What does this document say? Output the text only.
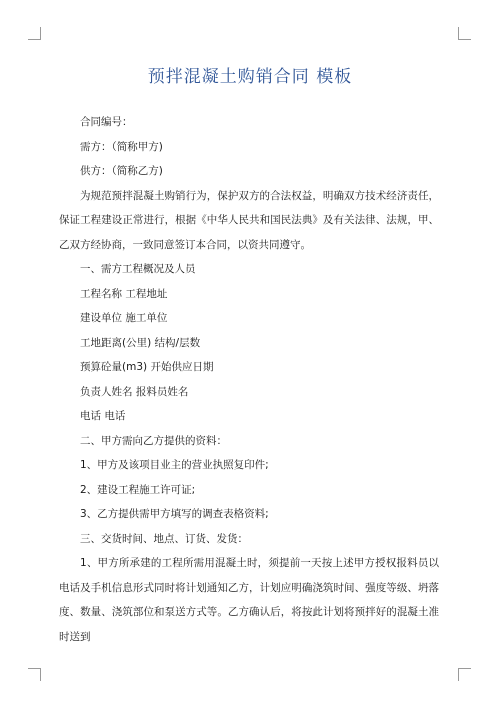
预拌混凝土购销合同 模板
合同编号：
需方：（简称甲方)
供方：（简称乙方)
为规范预拌混凝土购销行为，保护双方的合法权益，明确双方技术经济责任，保证工程建设正常进行，根据《中华人民共和国民法典》及有关法律、法规，甲、乙双方经协商，一致同意签订本合同，以资共同遵守。
一、需方工程概况及人员
工程名称 工程地址
建设单位 施工单位
工地距离(公里) 结构/层数
预算砼量(m3) 开始供应日期
负责人姓名 报料员姓名
电话 电话
二、甲方需向乙方提供的资料：
1、甲方及该项目业主的营业执照复印件;
2、建设工程施工许可证;
3、乙方提供需甲方填写的调查表格资料;
三、交货时间、地点、订货、发货：
1、甲方所承建的工程所需用混凝土时，须提前一天按上述甲方授权报料员以电话及手机信息形式同时将计划通知乙方，计划应明确浇筑时间、强度等级、坍落度、数量、浇筑部位和泵送方式等。乙方确认后，将按此计划将预拌好的混凝土准时送到
